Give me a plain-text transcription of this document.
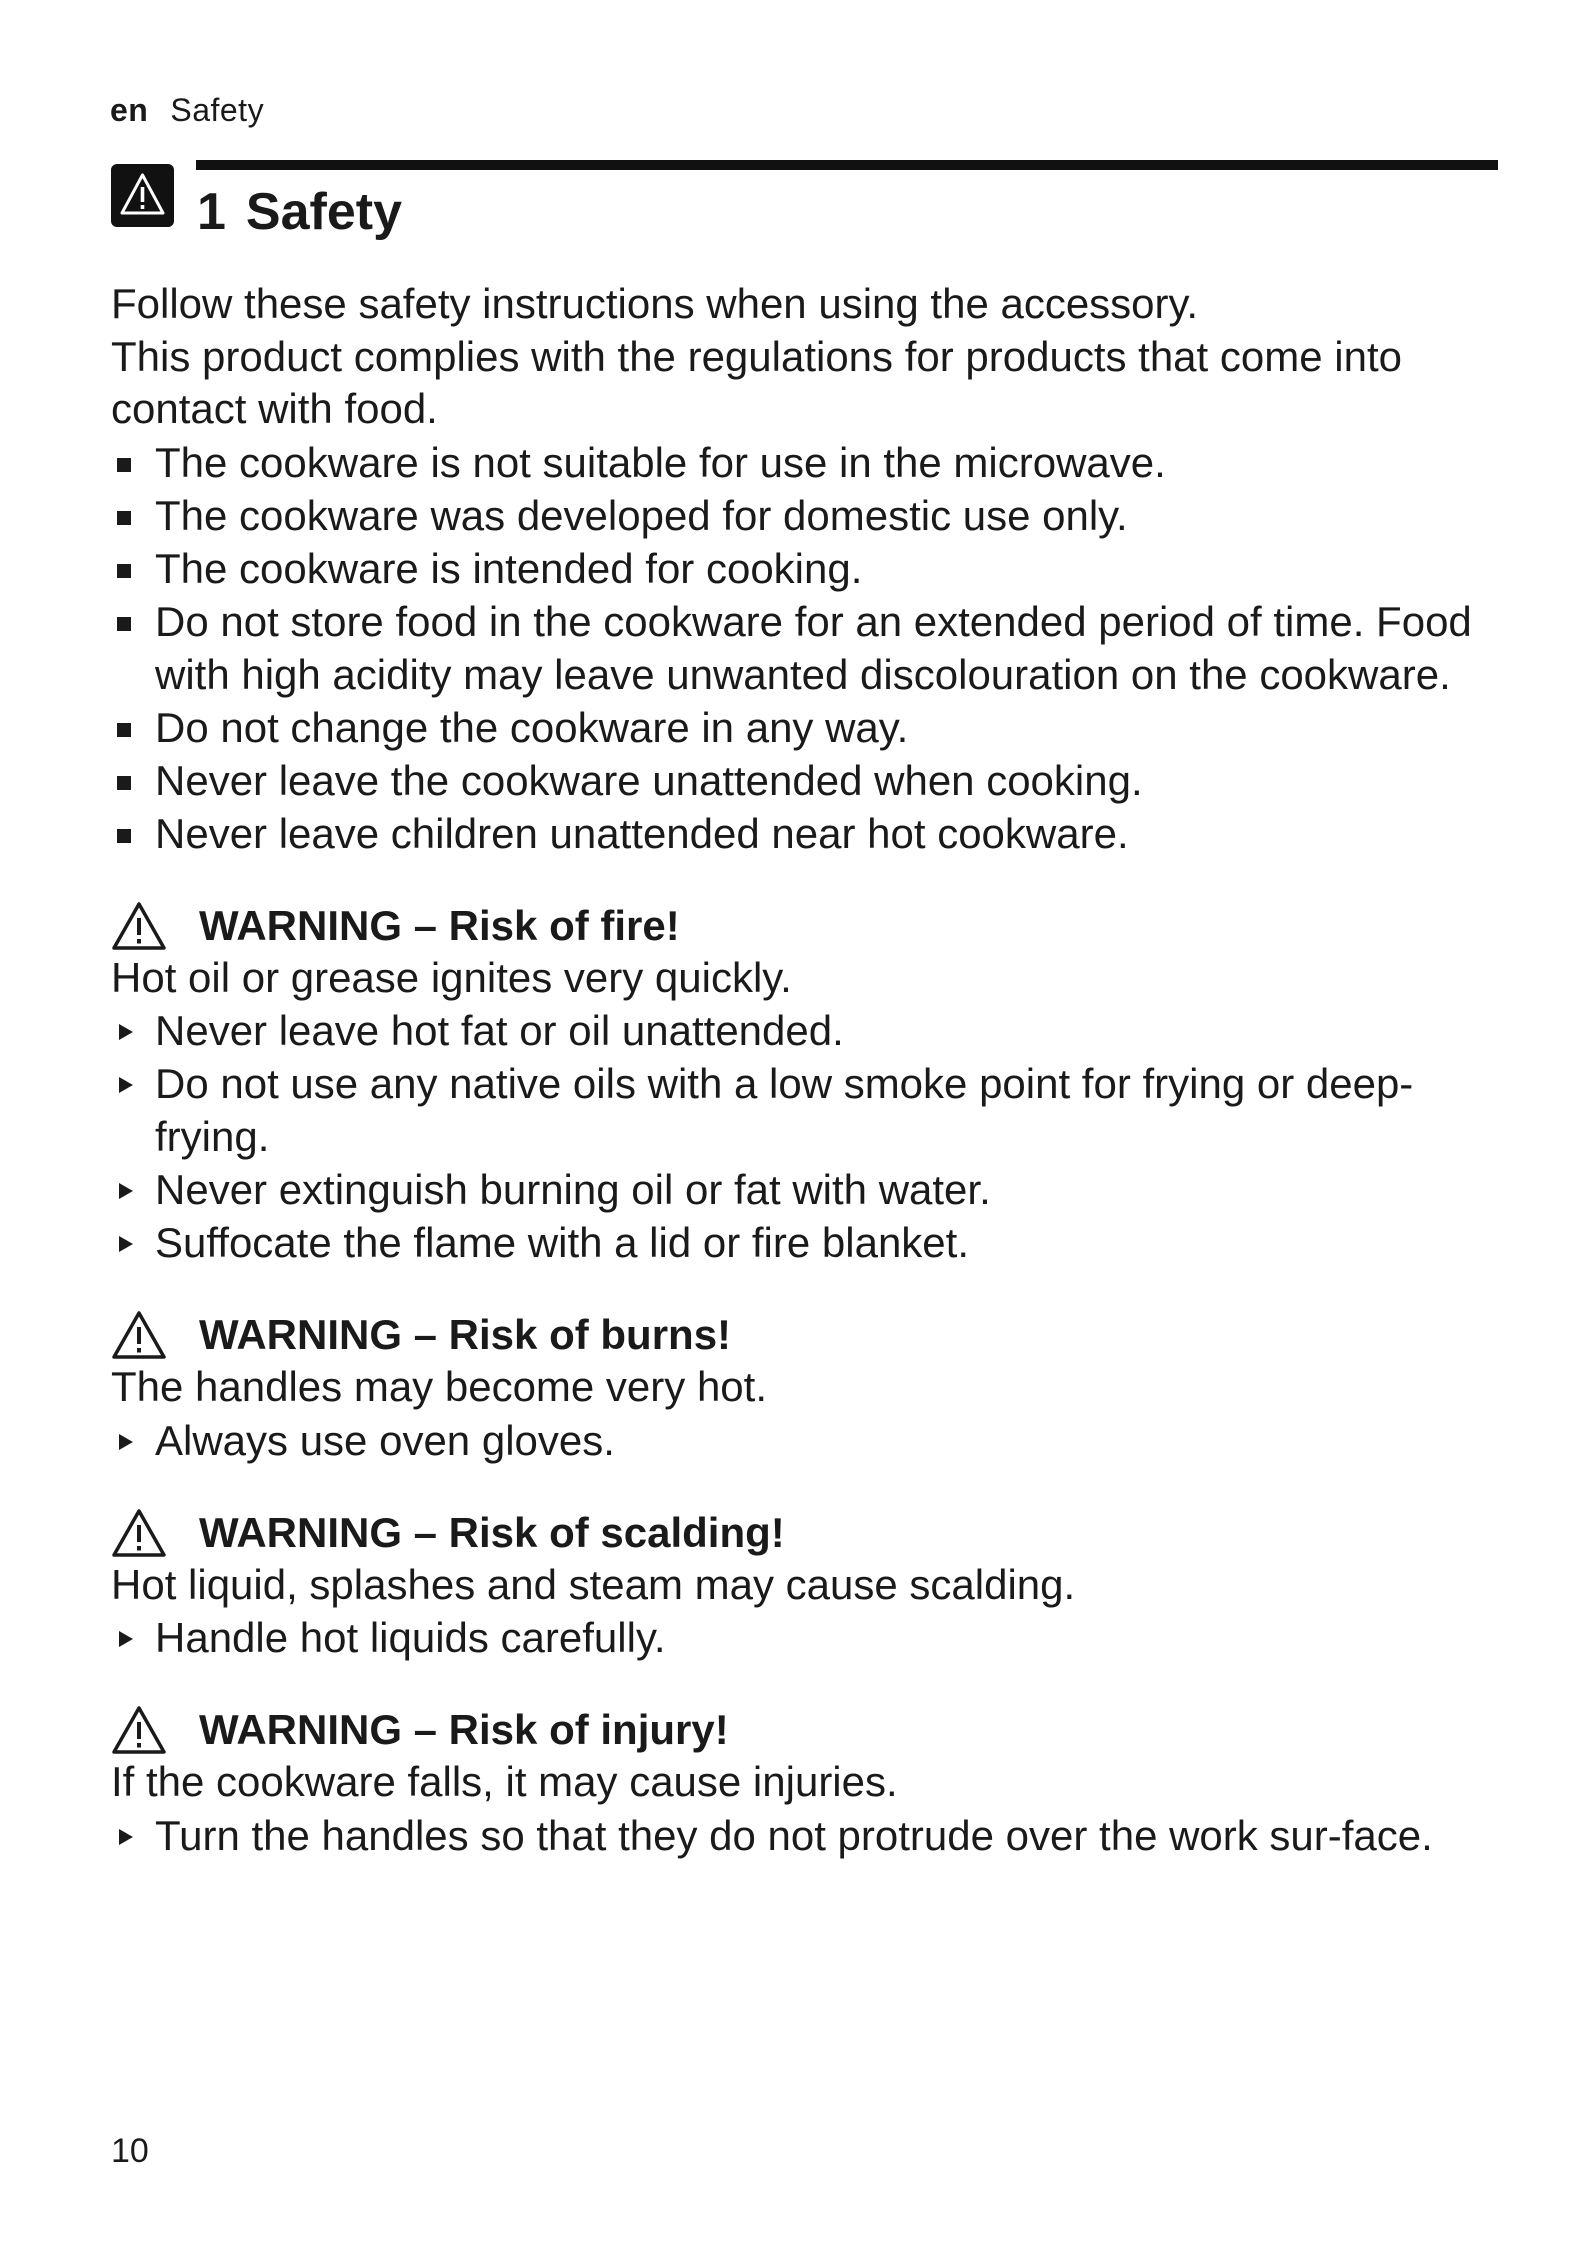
en Safety
1 Safety

Follow these safety instructions when using the accessory.

This product complies with the regulations for products that come into contact with food.

The cookware is not suitable for use in the microwave.
The cookware was developed for domestic use only.
The cookware is intended for cooking.
Do not store food in the cookware for an extended period of time. Food with high acidity may leave unwanted discolouration on the cookware.
Do not change the cookware in any way.
Never leave the cookware unattended when cooking.
Never leave children unattended near hot cookware.
WARNING – Risk of fire!

Hot oil or grease ignites very quickly.

Never leave hot fat or oil unattended.
Do not use any native oils with a low smoke point for frying or deep-frying.
Never extinguish burning oil or fat with water.
Suffocate the flame with a lid or fire blanket.
WARNING – Risk of burns!

The handles may become very hot.

Always use oven gloves.
WARNING – Risk of scalding!

Hot liquid, splashes and steam may cause scalding.

Handle hot liquids carefully.
WARNING – Risk of injury!

If the cookware falls, it may cause injuries.

Turn the handles so that they do not protrude over the work sur-face.
10
